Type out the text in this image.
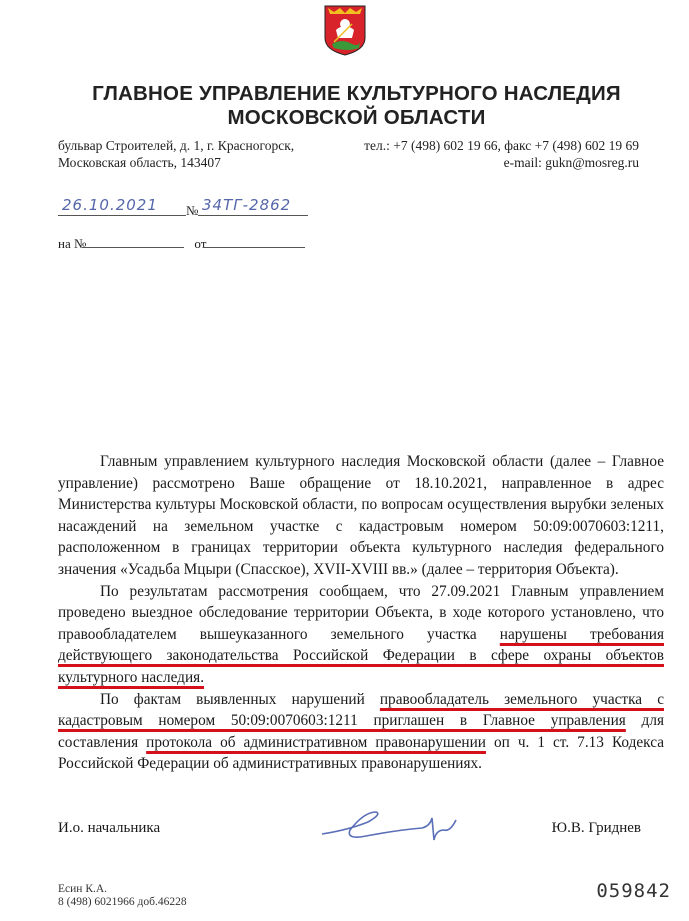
ГЛАВНОЕ УПРАВЛЕНИЕ КУЛЬТУРНОГО НАСЛЕДИЯ
МОСКОВСКОЙ ОБЛАСТИ
бульвар Строителей, д. 1, г. Красногорск,
Московская область, 143407
тел.: +7 (498) 602 19 66, факс +7 (498) 602 19 69
e-mail: gukn@mosreg.ru
26.10.2021 № 34ТГ-2862
на №	от

Главным управлением культурного наследия Московской области (далее – Главное управление) рассмотрено Ваше обращение от 18.10.2021, направленное в адрес Министерства культуры Московской области, по вопросам осуществления вырубки зеленых насаждений на земельном участке с кадастровым номером 50:09:0070603:1211, расположенном в границах территории объекта культурного наследия федерального значения «Усадьба Мцыри (Спасское), XVII-XVIII вв.» (далее – территория Объекта).

По результатам рассмотрения сообщаем, что 27.09.2021 Главным управлением проведено выездное обследование территории Объекта, в ходе которого установлено, что правообладателем вышеуказанного земельного участка нарушены требования действующего законодательства Российской Федерации в сфере охраны объектов культурного наследия.

По фактам выявленных нарушений правообладатель земельного участка с кадастровым номером 50:09:0070603:1211 приглашен в Главное управления для составления протокола об административном правонарушении оп ч. 1 ст. 7.13 Кодекса Российской Федерации об административных правонарушениях.

И.о. начальника	Ю.В. Гриднев
Есин К.А.
8 (498) 6021966 доб.46228	059842
